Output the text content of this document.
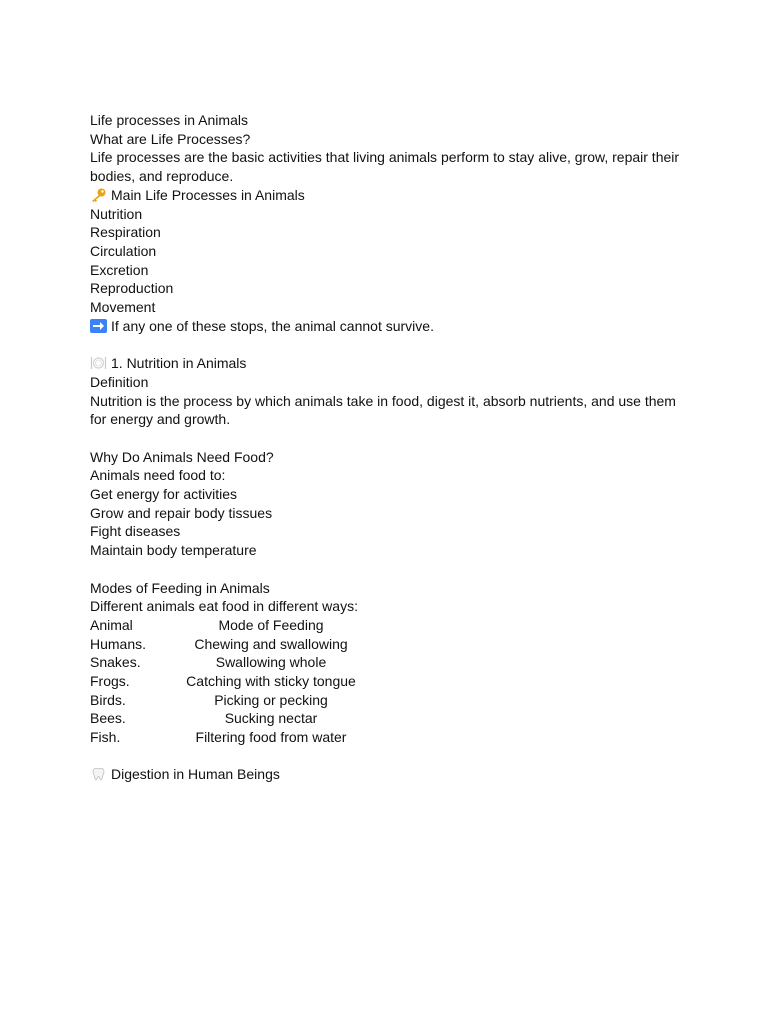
Life processes in Animals

What are Life Processes?

Life processes are the basic activities that living animals perform to stay alive, grow, repair their bodies, and reproduce.

Main Life Processes in Animals

Nutrition

Respiration

Circulation

Excretion

Reproduction

Movement

If any one of these stops, the animal cannot survive.

1. Nutrition in Animals

Definition

Nutrition is the process by which animals take in food, digest it, absorb nutrients, and use them for energy and growth.

Why Do Animals Need Food?

Animals need food to:

Get energy for activities

Grow and repair body tissues

Fight diseases

Maintain body temperature

Modes of Feeding in Animals

Different animals eat food in different ways:

Animal	Mode of Feeding
Humans.	Chewing and swallowing
Snakes.	Swallowing whole
Frogs.	Catching with sticky tongue
Birds.	Picking or pecking
Bees.	Sucking nectar
Fish.	Filtering food from water

Digestion in Human Beings
